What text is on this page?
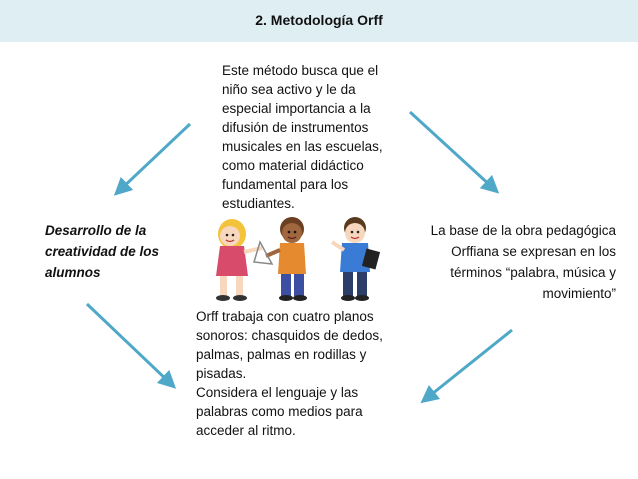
2. Metodología Orff
Este método busca que el niño sea activo y le da especial importancia a la difusión de instrumentos musicales en las escuelas, como material didáctico fundamental para los estudiantes.
Desarrollo de la creatividad de los alumnos
La base de la obra pedagógica Orffiana se expresan en los términos “palabra, música y movimiento”

Orff trabaja con cuatro planos sonoros: chasquidos de dedos, palmas, palmas en rodillas y pisadas.

Considera el lenguaje y las palabras como medios para acceder al ritmo.
